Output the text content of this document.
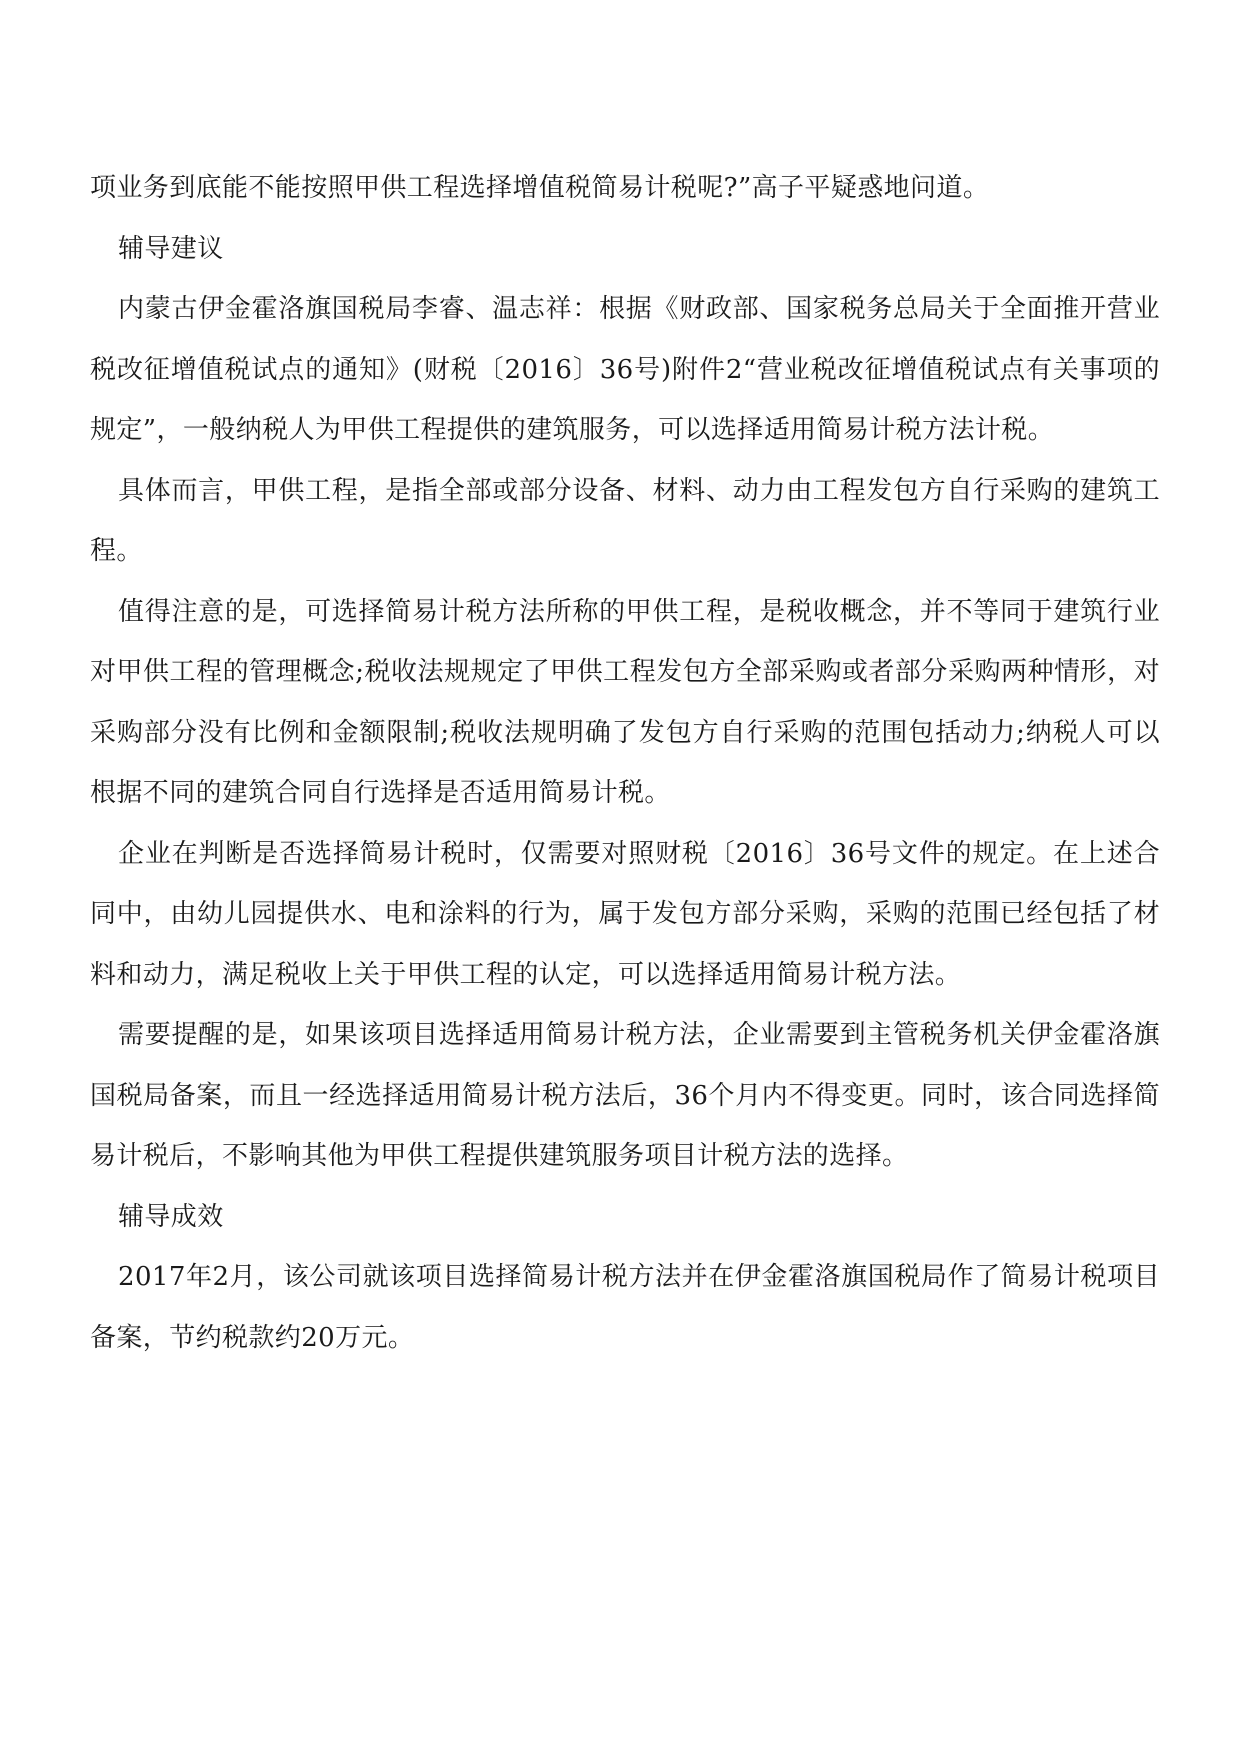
项业务到底能不能按照甲供工程选择增值税简易计税呢?”高子平疑惑地问道。

辅导建议

内蒙古伊金霍洛旗国税局李睿、温志祥：根据《财政部、国家税务总局关于全面推开营业税改征增值税试点的通知》(财税〔2016〕36号)附件2“营业税改征增值税试点有关事项的规定”，一般纳税人为甲供工程提供的建筑服务，可以选择适用简易计税方法计税。

具体而言，甲供工程，是指全部或部分设备、材料、动力由工程发包方自行采购的建筑工程。

值得注意的是，可选择简易计税方法所称的甲供工程，是税收概念，并不等同于建筑行业对甲供工程的管理概念;税收法规规定了甲供工程发包方全部采购或者部分采购两种情形，对采购部分没有比例和金额限制;税收法规明确了发包方自行采购的范围包括动力;纳税人可以根据不同的建筑合同自行选择是否适用简易计税。

企业在判断是否选择简易计税时，仅需要对照财税〔2016〕36号文件的规定。在上述合同中，由幼儿园提供水、电和涂料的行为，属于发包方部分采购，采购的范围已经包括了材料和动力，满足税收上关于甲供工程的认定，可以选择适用简易计税方法。

需要提醒的是，如果该项目选择适用简易计税方法，企业需要到主管税务机关伊金霍洛旗国税局备案，而且一经选择适用简易计税方法后，36个月内不得变更。同时，该合同选择简易计税后，不影响其他为甲供工程提供建筑服务项目计税方法的选择。

辅导成效

2017年2月，该公司就该项目选择简易计税方法并在伊金霍洛旗国税局作了简易计税项目备案，节约税款约20万元。
